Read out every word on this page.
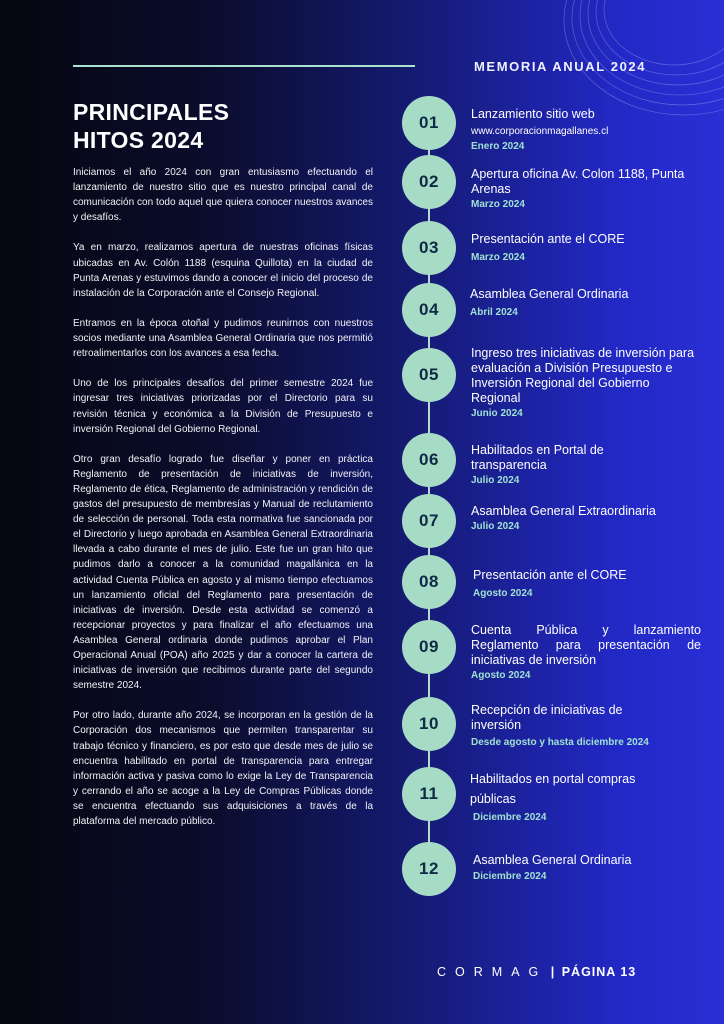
MEMORIA ANUAL 2024
PRINCIPALES
HITOS 2024

Iniciamos el año 2024 con gran entusiasmo efectuando el lanzamiento de nuestro sitio que es nuestro principal canal de comunicación con todo aquel que quiera conocer nuestros avances y desafíos.

Ya en marzo, realizamos apertura de nuestras oficinas físicas ubicadas en Av. Colón 1188 (esquina Quillota) en la ciudad de Punta Arenas y estuvimos dando a conocer el inicio del proceso de instalación de la Corporación ante el Consejo Regional.

Entramos en la época otoñal y pudimos reunirnos con nuestros socios mediante una Asamblea General Ordinaria que nos permitió retroalimentarlos con los avances a esa fecha.

Uno de los principales desafíos del primer semestre 2024 fue ingresar tres iniciativas priorizadas por el Directorio para su revisión técnica y económica a la División de Presupuesto e inversión Regional del Gobierno Regional.

Otro gran desafío logrado fue diseñar y poner en práctica Reglamento de presentación de iniciativas de inversión, Reglamento de ética, Reglamento de administración y rendición de gastos del presupuesto de membresías y Manual de reclutamiento de selección de personal. Toda esta normativa fue sancionada por el Directorio y luego aprobada en Asamblea General Extraordinaria llevada a cabo durante el mes de julio. Este fue un gran hito que pudimos darlo a conocer a la comunidad magallánica en la actividad Cuenta Pública en agosto y al mismo tiempo efectuamos un lanzamiento oficial del Reglamento para presentación de iniciativas de inversión. Desde esta actividad se comenzó a recepcionar proyectos y para finalizar el año efectuamos una Asamblea General ordinaria donde pudimos aprobar el Plan Operacional Anual (POA) año 2025 y dar a conocer la cartera de iniciativas de inversión que recibimos durante parte del segundo semestre 2024.

Por otro lado, durante año 2024, se incorporan en la gestión de la Corporación dos mecanismos que permiten transparentar su trabajo técnico y financiero, es por esto que desde mes de julio se encuentra habilitado en portal de transparencia para entregar información activa y pasiva como lo exige la Ley de Transparencia y cerrando el año se acoge a la Ley de Compras Públicas donde se encuentra efectuando sus adquisiciones a través de la plataforma del mercado público.

01
02
03
04
05
06
07
08
09
10
11
12
Lanzamiento sitio web
www.corporacionmagallanes.cl
Enero 2024
Apertura oficina Av. Colon 1188, Punta Arenas
Marzo 2024
Presentación ante el CORE
Marzo 2024
Asamblea General Ordinaria
Abril 2024
Ingreso tres iniciativas de inversión para evaluación a División Presupuesto e Inversión Regional del Gobierno Regional
Junio 2024
Habilitados en Portal de transparencia
Julio 2024
Asamblea General Extraordinaria
Julio 2024
Presentación ante el CORE
Agosto 2024
Cuenta Pública y lanzamiento Reglamento para presentación de iniciativas de inversión
Agosto 2024
Recepción de iniciativas de inversión
Desde agosto y hasta diciembre 2024
Habilitados en portal compras públicas
Diciembre 2024
Asamblea General Ordinaria
Diciembre 2024
CORMAG | PÁGINA 13
